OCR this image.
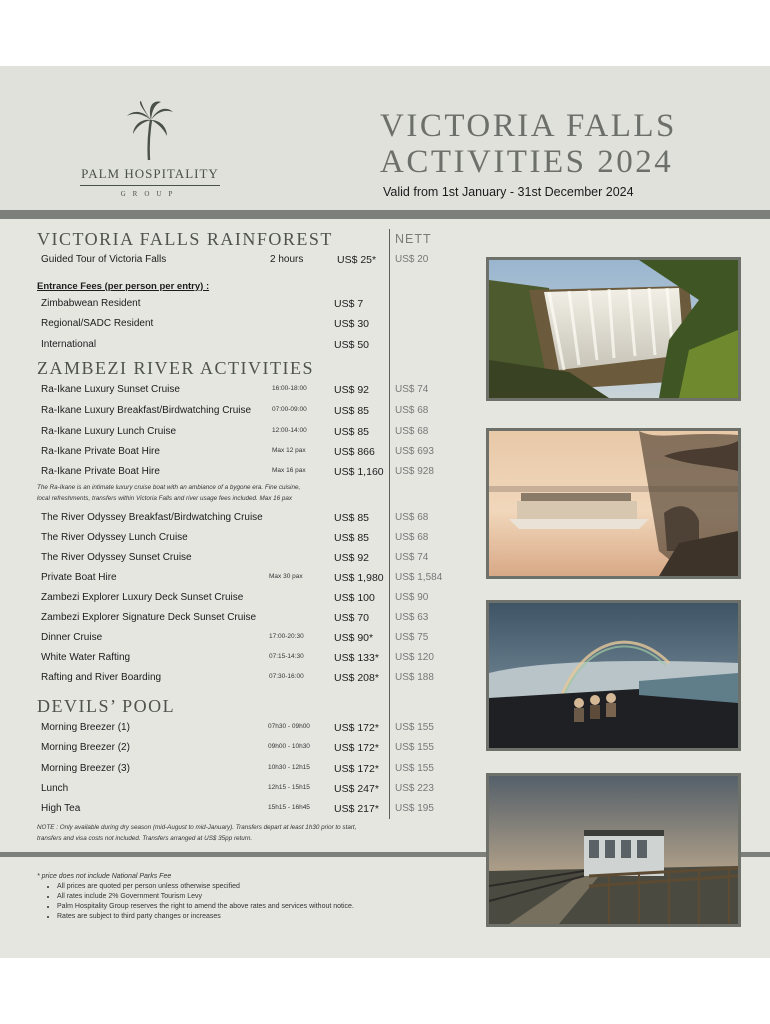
PALM HOSPITALITY
GROUP
VICTORIA FALLS
ACTIVITIES 2024
Valid from 1st January - 31st December 2024
NETT
VICTORIA FALLS RAINFOREST
Guided Tour of Victoria Falls	2 hours	US$ 25* US$ 20
Entrance Fees (per person per entry) :
Zimbabwean Resident	US$ 7
Regional/SADC Resident	US$ 30
International	US$ 50
ZAMBEZI RIVER ACTIVITIES
Ra-Ikane Luxury Sunset Cruise	16:00-18:00	US$ 92	US$ 74
Ra-Ikane Luxury Breakfast/Birdwatching Cruise	07:00-09:00	US$ 85	US$ 68
Ra-Ikane Luxury Lunch Cruise	12:00-14:00	US$ 85	US$ 68
Ra-Ikane Private Boat Hire	Max 12 pax	US$ 866 US$ 693
Ra-Ikane Private Boat Hire	Max 16 pax	US$ 1,160 US$ 928
The Ra-Ikane is an intimate luxury cruise boat with an ambiance of a bygone era. Fine cuisine,
local refreshments, transfers within Victoria Falls and river usage fees included. Max 16 pax
The River Odyssey Breakfast/Birdwatching Cruise	US$ 85	US$ 68
The River Odyssey Lunch Cruise	US$ 85	US$ 68
The River Odyssey Sunset Cruise	US$ 92	US$ 74
Private Boat Hire	Max 30 pax	US$ 1,980 US$ 1,584
Zambezi Explorer Luxury Deck Sunset Cruise	US$ 100 US$ 90
Zambezi Explorer Signature Deck Sunset Cruise	US$ 70	US$ 63
Dinner Cruise	17:00-20:30	US$ 90* US$ 75
White Water Rafting	07:15-14:30	US$ 133* US$ 120
Rafting and River Boarding	07:30-16:00	US$ 208* US$ 188
DEVILS’ POOL
Morning Breezer (1)	07h30 - 09h00 US$ 172* US$ 155
Morning Breezer (2)	09h00 - 10h30 US$ 172* US$ 155
Morning Breezer (3)	10h30 - 12h15 US$ 172* US$ 155
Lunch	12h15 - 15h15 US$ 247* US$ 223
High Tea	15h15 - 16h45 US$ 217* US$ 195
NOTE : Only available during dry season (mid-August to mid-January). Transfers depart at least 1h30 prior to start,
transfers and visa costs not included. Transfers arranged at US$ 35pp return.
* price does not include National Parks Fee
• All prices are quoted per person unless otherwise specified
• All rates include 2% Government Tourism Levy
• Palm Hospitality Group reserves the right to amend the above rates and services without notice.
• Rates are subject to third party changes or increases
